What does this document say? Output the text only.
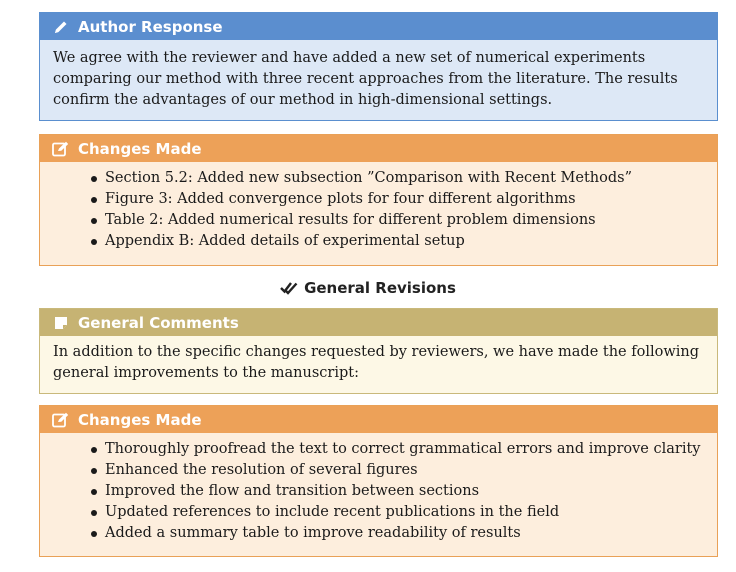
Author Response
We agree with the reviewer and have added a new set of numerical experiments comparing our method with three recent approaches from the literature. The results confirm the advantages of our method in high-dimensional settings.
Changes Made
Section 5.2: Added new subsection ”Comparison with Recent Methods”
Figure 3: Added convergence plots for four different algorithms
Table 2: Added numerical results for different problem dimensions
Appendix B: Added details of experimental setup
General Revisions
General Comments
In addition to the specific changes requested by reviewers, we have made the following general improvements to the manuscript:
Changes Made
Thoroughly proofread the text to correct grammatical errors and improve clarity
Enhanced the resolution of several figures
Improved the flow and transition between sections
Updated references to include recent publications in the field
Added a summary table to improve readability of results
